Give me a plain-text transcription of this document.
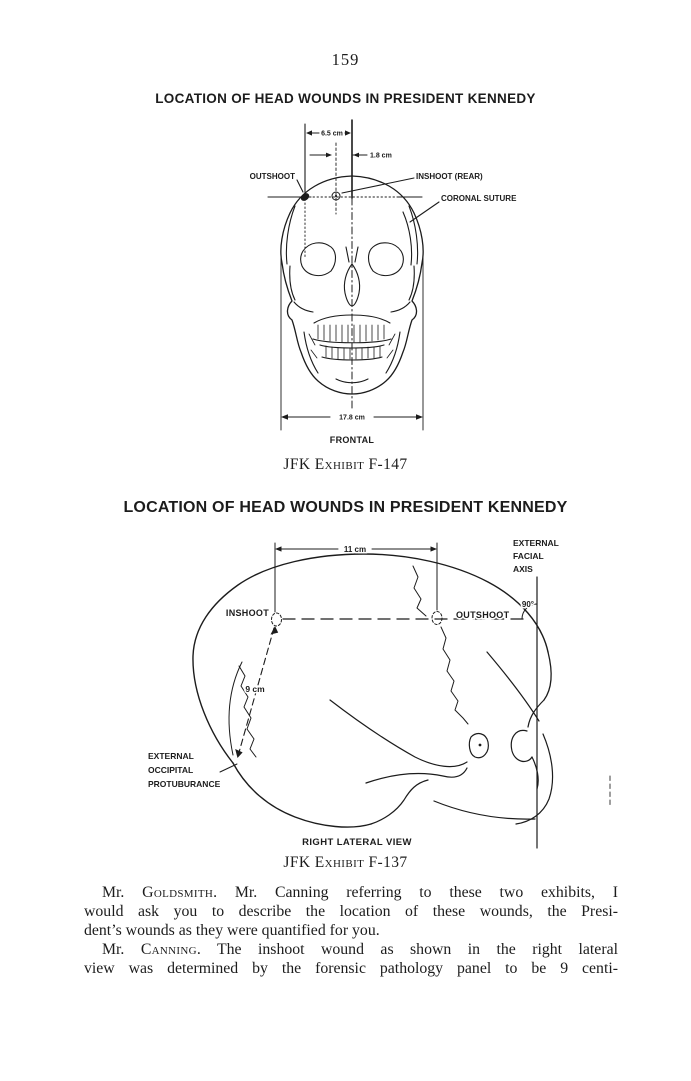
159
LOCATION OF HEAD WOUNDS IN PRESIDENT KENNEDY
6.5 cm
1.8 cm
OUTSHOOT	INSHOOT (REAR)
CORONAL SUTURE
17.8 cm
FRONTAL
JFK Exhibit F-147
LOCATION OF HEAD WOUNDS IN PRESIDENT KENNEDY
11 cm
EXTERNAL
FACIAL
AXIS
90°
INSHOOT	OUTSHOOT
9 cm
EXTERNAL
OCCIPITAL
PROTUBURANCE
RIGHT LATERAL VIEW
JFK Exhibit F-137
Mr. Goldsmith. Mr. Canning referring to these two exhibits, I
would ask you to describe the location of these wounds, the Presi-
dent’s wounds as they were quantified for you.
Mr. Canning. The inshoot wound as shown in the right lateral
view was determined by the forensic pathology panel to be 9 centi-
